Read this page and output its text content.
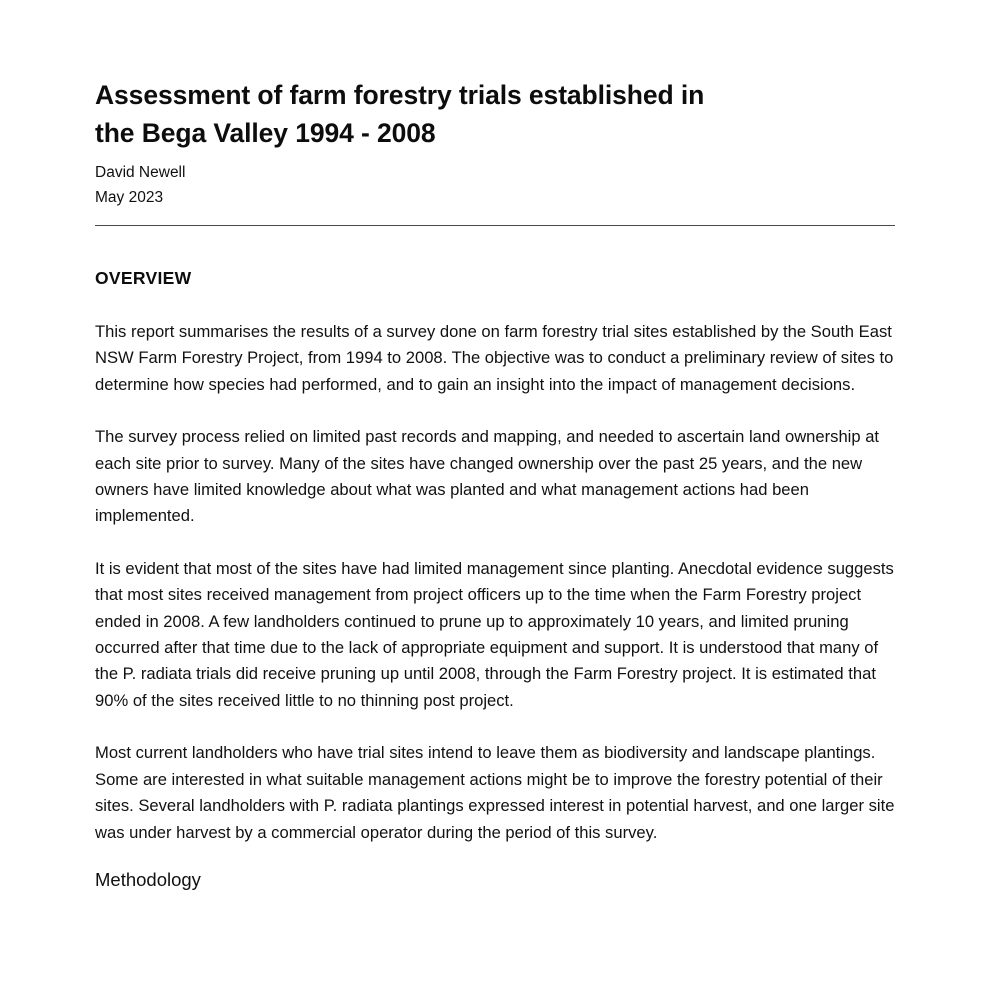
Assessment of farm forestry trials established in
the Bega Valley 1994 - 2008
David Newell
May 2023
OVERVIEW

This report summarises the results of a survey done on farm forestry trial sites established by the South East NSW Farm Forestry Project, from 1994 to 2008. The objective was to conduct a preliminary review of sites to determine how species had performed, and to gain an insight into the impact of management decisions.

The survey process relied on limited past records and mapping, and needed to ascertain land ownership at each site prior to survey. Many of the sites have changed ownership over the past 25 years, and the new owners have limited knowledge about what was planted and what management actions had been implemented.

It is evident that most of the sites have had limited management since planting. Anecdotal evidence suggests that most sites received management from project officers up to the time when the Farm Forestry project ended in 2008. A few landholders continued to prune up to approximately 10 years, and limited pruning occurred after that time due to the lack of appropriate equipment and support. It is understood that many of the P. radiata trials did receive pruning up until 2008, through the Farm Forestry project. It is estimated that 90% of the sites received little to no thinning post project.

Most current landholders who have trial sites intend to leave them as biodiversity and landscape plantings. Some are interested in what suitable management actions might be to improve the forestry potential of their sites. Several landholders with P. radiata plantings expressed interest in potential harvest, and one larger site was under harvest by a commercial operator during the period of this survey.

Methodology
